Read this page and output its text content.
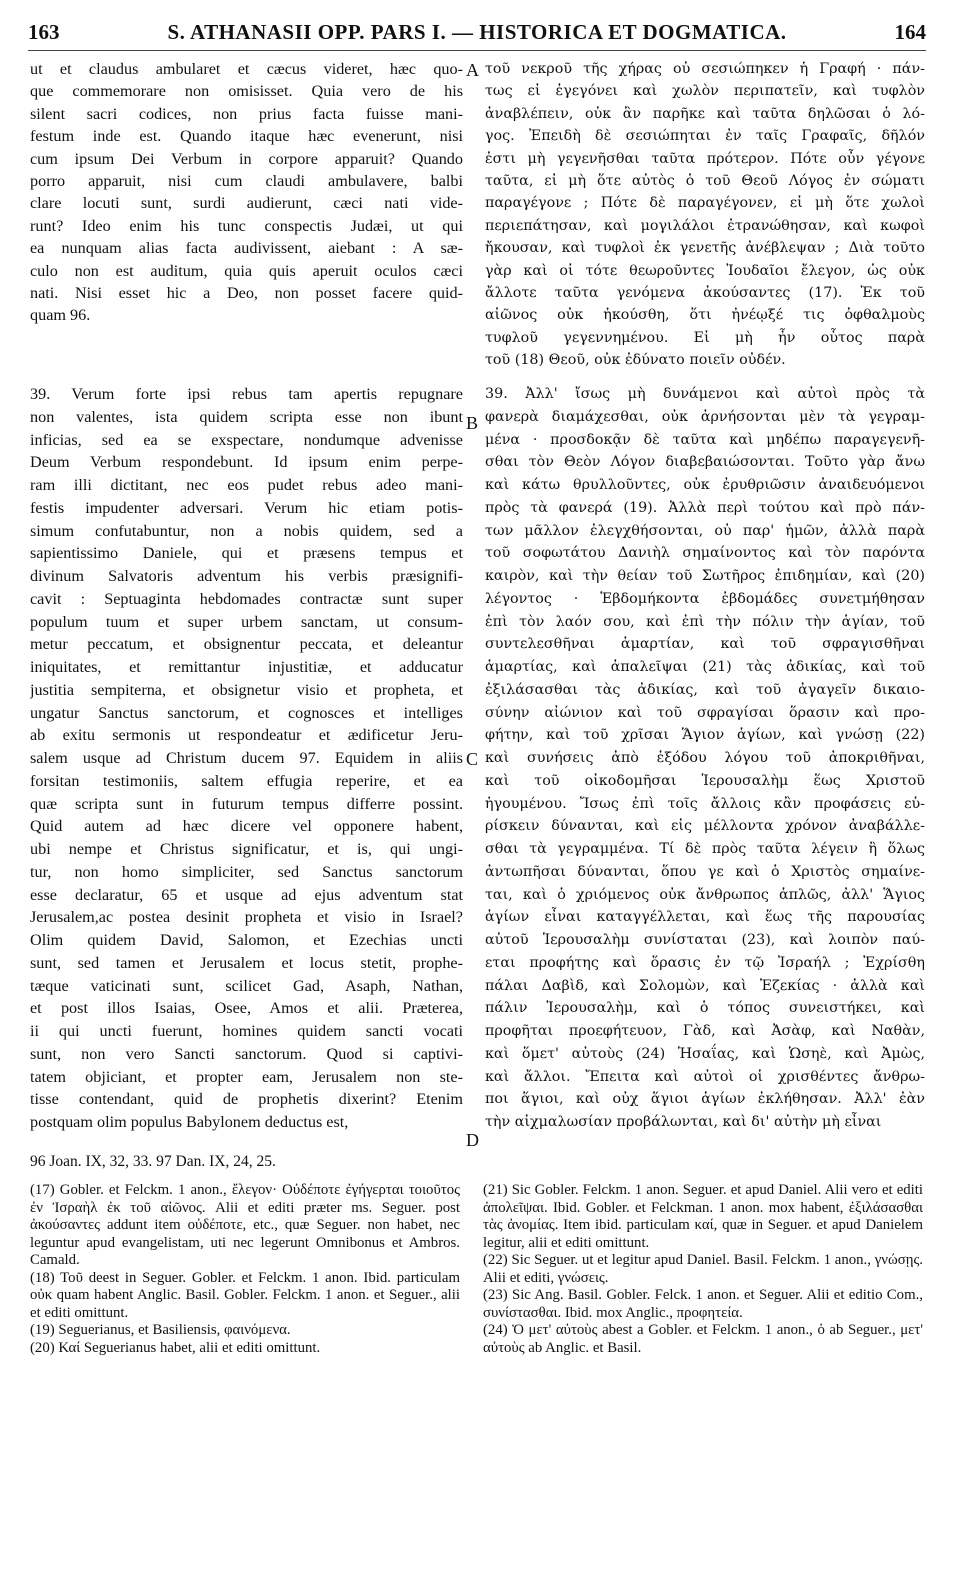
163	S. ATHANASII OPP. PARS I. — HISTORICA ET DOGMATICA.	164
ut et claudus ambularet et cæcus videret, hæc quo-
que commemorare non omisisset. Quia vero de his
silent sacri codices, non prius facta fuisse mani-
festum inde est. Quando itaque hæc evenerunt, nisi
cum ipsum Dei Verbum in corpore apparuit? Quando
porro apparuit, nisi cum claudi ambulavere, balbi
clare locuti sunt, surdi audierunt, cæci nati vide-
runt? Ideo enim his tunc conspectis Judæi, ut qui
ea nunquam alias facta audivissent, aiebant : A sæ-
culo non est auditum, quia quis aperuit oculos cæci
nati. Nisi esset hic a Deo, non posset facere quid-
quam 96.
39. Verum forte ipsi rebus tam apertis repugnare
non valentes, ista quidem scripta esse non ibunt
inficias, sed ea se exspectare, nondumque advenisse
Deum Verbum respondebunt. Id ipsum enim perpe-
ram illi dictitant, nec eos pudet rebus adeo mani-
festis impudenter adversari. Verum hic etiam potis-
simum confutabuntur, non a nobis quidem, sed a
sapientissimo Daniele, qui et præsens tempus et
divinum Salvatoris adventum his verbis præsignifi-
cavit : Septuaginta hebdomades contractæ sunt super
populum tuum et super urbem sanctam, ut consum-
metur peccatum, et obsignentur peccata, et deleantur
iniquitates, et remittantur injustitiæ, et adducatur
justitia sempiterna, et obsignetur visio et propheta, et
ungatur Sanctus sanctorum, et cognosces et intelliges
ab exitu sermonis ut respondeatur et ædificetur Jeru-
salem usque ad Christum ducem 97. Equidem in aliis
forsitan testimoniis, saltem effugia reperire, et ea
quæ scripta sunt in futurum tempus differre possint.
Quid autem ad hæc dicere vel opponere habent,
ubi nempe et Christus significatur, et is, qui ungi-
tur, non homo simpliciter, sed Sanctus sanctorum
esse declaratur, 65 et usque ad ejus adventum stat
Jerusalem,ac postea desinit propheta et visio in Israel?
Olim quidem David, Salomon, et Ezechias uncti
sunt, sed tamen et Jerusalem et locus stetit, prophe-
tæque vaticinati sunt, scilicet Gad, Asaph, Nathan,
et post illos Isaias, Osee, Amos et alii. Præterea,
ii qui uncti fuerunt, homines quidem sancti vocati
sunt, non vero Sancti sanctorum. Quod si captivi-
tatem objiciant, et propter eam, Jerusalem non ste-
tisse contendant, quid de prophetis dixerint? Etenim
postquam olim populus Babylonem deductus est,
A
B
C
D
τοῦ νεκροῦ τῆς χήρας οὐ σεσιώπηκεν ἡ Γραφή · πάν-
τως εἰ ἐγεγόνει καὶ χωλὸν περιπατεῖν, καὶ τυφλὸν
ἀναβλέπειν, οὐκ ἂν παρῆκε καὶ ταῦτα δηλῶσαι ὁ λό-
γος. Ἐπειδὴ δὲ σεσιώπηται ἐν ταῖς Γραφαῖς, δῆλόν
ἐστι μὴ γεγενῆσθαι ταῦτα πρότερον. Πότε οὖν γέγονε
ταῦτα, εἰ μὴ ὅτε αὐτὸς ὁ τοῦ Θεοῦ Λόγος ἐν σώματι
παραγέγονε ; Πότε δὲ παραγέγονεν, εἰ μὴ ὅτε χωλοὶ
περιεπάτησαν, καὶ μογιλάλοι ἐτρανώθησαν, καὶ κωφοὶ
ἤκουσαν, καὶ τυφλοὶ ἐκ γενετῆς ἀνέβλεψαν ; Διὰ τοῦτο
γὰρ καὶ οἱ τότε θεωροῦντες Ἰουδαῖοι ἔλεγον, ὡς οὐκ
ἄλλοτε ταῦτα γενόμενα ἀκούσαντες (17). Ἐκ τοῦ
αἰῶνος οὐκ ἠκούσθη, ὅτι ἠνέῳξέ τις ὀφθαλμοὺς
τυφλοῦ γεγεννημένου. Εἰ μὴ ἦν οὗτος παρὰ
τοῦ (18) Θεοῦ, οὐκ ἐδύνατο ποιεῖν οὐδέν.
39. Ἀλλ' ἴσως μὴ δυνάμενοι καὶ αὐτοὶ πρὸς τὰ
φανερὰ διαμάχεσθαι, οὐκ ἀρνήσονται μὲν τὰ γεγραμ-
μένα · προσδοκᾷν δὲ ταῦτα καὶ μηδέπω παραγεγενῆ-
σθαι τὸν Θεὸν Λόγον διαβεβαιώσονται. Τοῦτο γὰρ ἄνω
καὶ κάτω θρυλλοῦντες, οὐκ ἐρυθριῶσιν ἀναιδευόμενοι
πρὸς τὰ φανερά (19). Ἀλλὰ περὶ τούτου καὶ πρὸ πάν-
των μᾶλλον ἐλεγχθήσονται, οὐ παρ' ἡμῶν, ἀλλὰ παρὰ
τοῦ σοφωτάτου Δανιὴλ σημαίνοντος καὶ τὸν παρόντα
καιρὸν, καὶ τὴν θείαν τοῦ Σωτῆρος ἐπιδημίαν, καὶ (20)
λέγοντος · Ἑβδομήκοντα ἑβδομάδες συνετμήθησαν
ἐπὶ τὸν λαόν σου, καὶ ἐπὶ τὴν πόλιν τὴν ἁγίαν, τοῦ
συντελεσθῆναι ἁμαρτίαν, καὶ τοῦ σφραγισθῆναι
ἁμαρτίας, καὶ ἀπαλεῖψαι (21) τὰς ἀδικίας, καὶ τοῦ
ἐξιλάσασθαι τὰς ἀδικίας, καὶ τοῦ ἀγαγεῖν δικαιο-
σύνην αἰώνιον καὶ τοῦ σφραγίσαι ὅρασιν καὶ προ-
φήτην, καὶ τοῦ χρῖσαι Ἅγιον ἁγίων, καὶ γνώσῃ (22)
καὶ συνήσεις ἀπὸ ἐξόδου λόγου τοῦ ἀποκριθῆναι,
καὶ τοῦ οἰκοδομῆσαι Ἱερουσαλὴμ ἕως Χριστοῦ
ἡγουμένου. Ἴσως ἐπὶ τοῖς ἄλλοις κἂν προφάσεις εὑ-
ρίσκειν δύνανται, καὶ εἰς μέλλοντα χρόνον ἀναβάλλε-
σθαι τὰ γεγραμμένα. Τί δὲ πρὸς ταῦτα λέγειν ἢ ὅλως
ἀντωπῆσαι δύνανται, ὅπου γε καὶ ὁ Χριστὸς σημαίνε-
ται, καὶ ὁ χριόμενος οὐκ ἄνθρωπος ἁπλῶς, ἀλλ' Ἅγιος
ἁγίων εἶναι καταγγέλλεται, καὶ ἕως τῆς παρουσίας
αὐτοῦ Ἱερουσαλὴμ συνίσταται (23), καὶ λοιπὸν παύ-
εται προφήτης καὶ ὅρασις ἐν τῷ Ἰσραήλ ; Ἐχρίσθη
πάλαι Δαβὶδ, καὶ Σολομὼν, καὶ Ἐζεκίας · ἀλλὰ καὶ
πάλιν Ἱερουσαλὴμ, καὶ ὁ τόπος συνειστήκει, καὶ
προφῆται προεφήτευον, Γὰδ, καὶ Ἀσὰφ, καὶ Ναθὰν,
καὶ ὅμετ' αὐτοὺς (24) Ἡσαΐας, καὶ Ὡσηὲ, καὶ Ἀμὼς,
καὶ ἄλλοι. Ἔπειτα καὶ αὐτοὶ οἱ χρισθέντες ἄνθρω-
ποι ἅγιοι, καὶ οὐχ ἅγιοι ἁγίων ἐκλήθησαν. Ἀλλ' ἐὰν
τὴν αἰχμαλωσίαν προβάλωνται, καὶ δι' αὐτὴν μὴ εἶναι
96 Joan. IX, 32, 33. 97 Dan. IX, 24, 25.

(17) Gobler. et Felckm. 1 anon., ἔλεγον· Οὐδέποτε ἐγήγερται τοιοῦτος ἐν Ἰσραὴλ ἐκ τοῦ αἰῶνος. Alii et editi præter ms. Seguer. post ἀκούσαντες addunt item οὐδέποτε, etc., quæ Seguer. non habet, nec leguntur apud evangelistam, uti nec legerunt Omnibonus et Ambros. Camald.

(18) Τοῦ deest in Seguer. Gobler. et Felckm. 1 anon. Ibid. particulam οὐκ quam habent Anglic. Basil. Gobler. Felckm. 1 anon. et Seguer., alii et editi omittunt.

(19) Seguerianus, et Basiliensis, φαινόμενα.

(20) Καί Seguerianus habet, alii et editi omittunt.

(21) Sic Gobler. Felckm. 1 anon. Seguer. et apud Daniel. Alii vero et editi ἀπολεῖψαι. Ibid. Gobler. et Felckman. 1 anon. mox habent, ἐξιλάσασθαι τὰς ἀνομίας. Item ibid. particulam καί, quæ in Seguer. et apud Danielem legitur, alii et editi omittunt.

(22) Sic Seguer. ut et legitur apud Daniel. Basil. Felckm. 1 anon., γνώσῃς. Alii et editi, γνώσεις.

(23) Sic Ang. Basil. Gobler. Felck. 1 anon. et Seguer. Alii et editio Com., συνίστασθαι. Ibid. mox Anglic., προφητεία.

(24) Ὁ μετ' αὐτοὺς abest a Gobler. et Felckm. 1 anon., ὁ ab Seguer., μετ' αὐτοὺς ab Anglic. et Basil.
